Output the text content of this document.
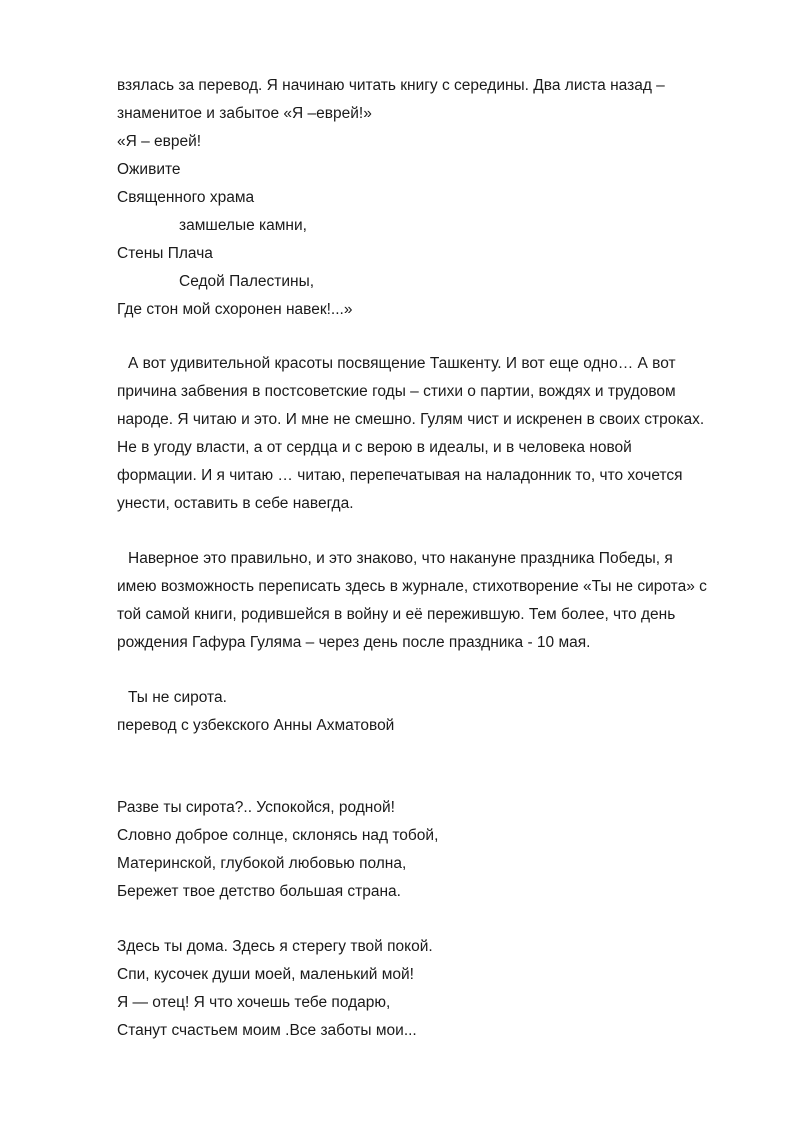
взялась за перевод. Я начинаю читать книгу с середины. Два листа назад –
знаменитое и забытое «Я –еврей!»
«Я – еврей!
Оживите
Священного храма
замшелые камни,
Стены Плача
Седой Палестины,
Где стон мой схоронен навек!...»
А вот удивительной красоты посвящение Ташкенту. И вот еще одно… А вот
причина забвения в постсоветские годы – стихи о партии, вождях и трудовом
народе. Я читаю и это. И мне не смешно. Гулям чист и искренен в своих строках.
Не в угоду власти, а от сердца и с верою в идеалы, и в человека новой
формации. И я читаю … читаю, перепечатывая на наладонник то, что хочется
унести, оставить в себе навегда.
Наверное это правильно, и это знаково, что накануне праздника Победы, я
имею возможность переписать здесь в журнале, стихотворение «Ты не сирота» с
той самой книги, родившейся в войну и её пережившую. Тем более, что день
рождения Гафура Гуляма – через день после праздника - 10 мая.
Ты не сирота.
перевод с узбекского Анны Ахматовой
Разве ты сирота?.. Успокойся, родной!
Словно доброе солнце, склонясь над тобой,
Материнской, глубокой любовью полна,
Бережет твое детство большая страна.
Здесь ты дома. Здесь я стерегу твой покой.
Спи, кусочек души моей, маленький мой!
Я — отец! Я что хочешь тебе подарю,
Станут счастьем моим .Все заботы мои...
